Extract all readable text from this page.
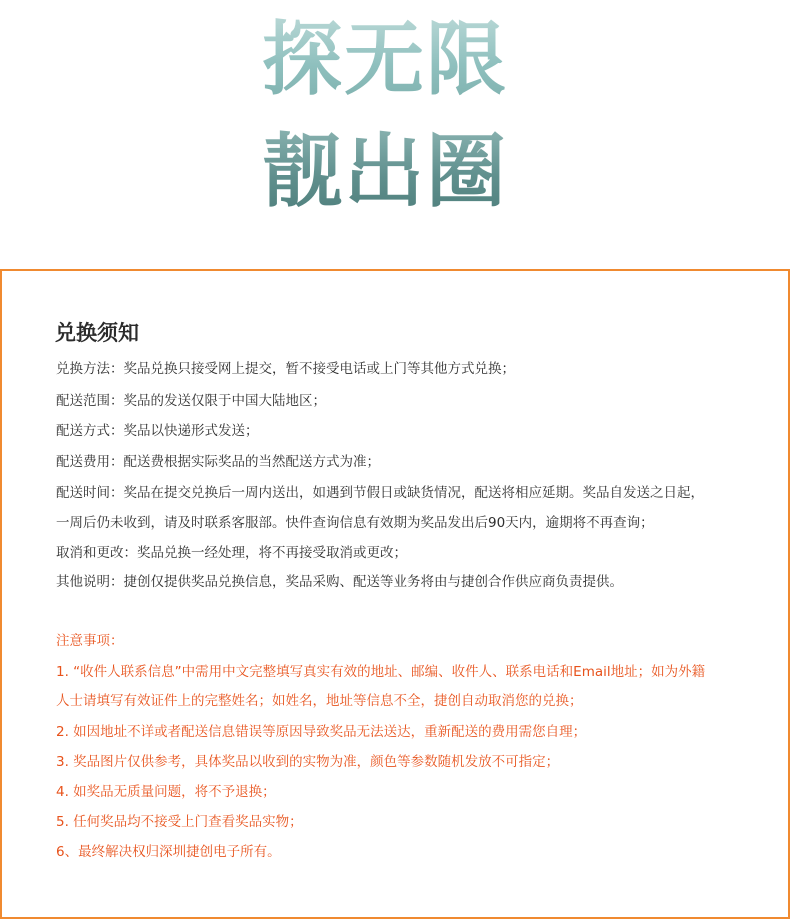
探无限
靓出圈
兑换须知
兑换方法：奖品兑换只接受网上提交，暂不接受电话或上门等其他方式兑换；
配送范围：奖品的发送仅限于中国大陆地区；
配送方式：奖品以快递形式发送；
配送费用：配送费根据实际奖品的当然配送方式为准；
配送时间：奖品在提交兑换后一周内送出，如遇到节假日或缺货情况，配送将相应延期。奖品自发送之日起，
一周后仍未收到，请及时联系客服部。快件查询信息有效期为奖品发出后90天内，逾期将不再查询；
取消和更改：奖品兑换一经处理，将不再接受取消或更改；
其他说明：捷创仅提供奖品兑换信息，奖品采购、配送等业务将由与捷创合作供应商负责提供。
注意事项：
1. “收件人联系信息”中需用中文完整填写真实有效的地址、邮编、收件人、联系电话和Email地址；如为外籍
人士请填写有效证件上的完整姓名；如姓名，地址等信息不全，捷创自动取消您的兑换；
2. 如因地址不详或者配送信息错误等原因导致奖品无法送达，重新配送的费用需您自理；
3. 奖品图片仅供参考，具体奖品以收到的实物为准，颜色等参数随机发放不可指定；
4. 如奖品无质量问题，将不予退换；
5. 任何奖品均不接受上门查看奖品实物；
6、最终解决权归深圳捷创电子所有。
